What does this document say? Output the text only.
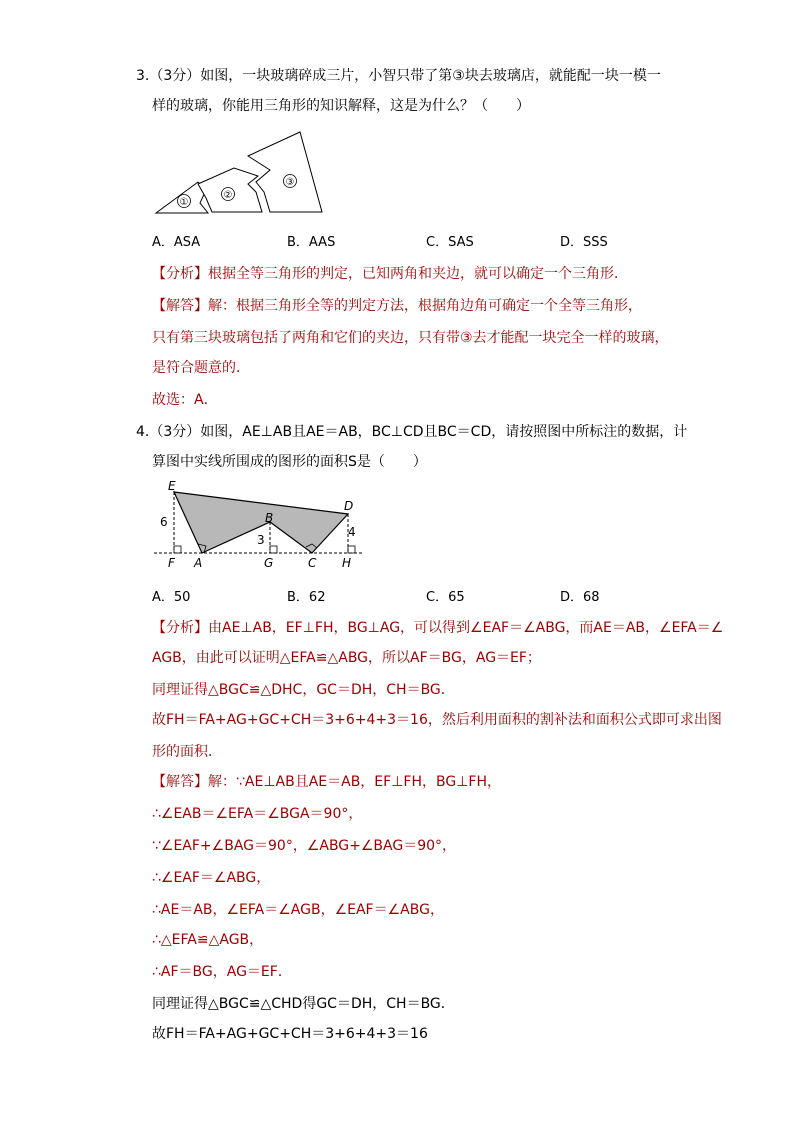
3.（3分）如图，一块玻璃碎成三片，小智只带了第③块去玻璃店，就能配一块一模一
样的玻璃，你能用三角形的知识解释，这是为什么？（　　）
①
②
③
A．ASA	B．AAS	C．SAS	D．SSS
【分析】根据全等三角形的判定，已知两角和夹边，就可以确定一个三角形．
【解答】解：根据三角形全等的判定方法，根据角边角可确定一个全等三角形，
只有第三块玻璃包括了两角和它们的夹边，只有带③去才能配一块完全一样的玻璃，
是符合题意的．
故选：A．
4.（3分）如图，AE⊥AB且AE＝AB，BC⊥CD且BC＝CD，请按照图中所标注的数据，计
算图中实线所围成的图形的面积S是（　　）
E
D
B
F A	G	C H
6
3
4
A．50	B．62	C．65	D．68
【分析】由AE⊥AB，EF⊥FH，BG⊥AG，可以得到∠EAF＝∠ABG，而AE＝AB，∠EFA＝∠
AGB，由此可以证明△EFA≌△ABG，所以AF＝BG，AG＝EF；
同理证得△BGC≌△DHC，GC＝DH，CH＝BG．
故FH＝FA+AG+GC+CH＝3+6+4+3＝16，然后利用面积的割补法和面积公式即可求出图
形的面积．
【解答】解：∵AE⊥AB且AE＝AB，EF⊥FH，BG⊥FH，
∴∠EAB＝∠EFA＝∠BGA＝90°，
∵∠EAF+∠BAG＝90°，∠ABG+∠BAG＝90°，
∴∠EAF＝∠ABG，
∴AE＝AB，∠EFA＝∠AGB，∠EAF＝∠ABG，
∴△EFA≌△AGB，
∴AF＝BG，AG＝EF．
同理证得△BGC≌△CHD得GC＝DH，CH＝BG．
故FH＝FA+AG+GC+CH＝3+6+4+3＝16
